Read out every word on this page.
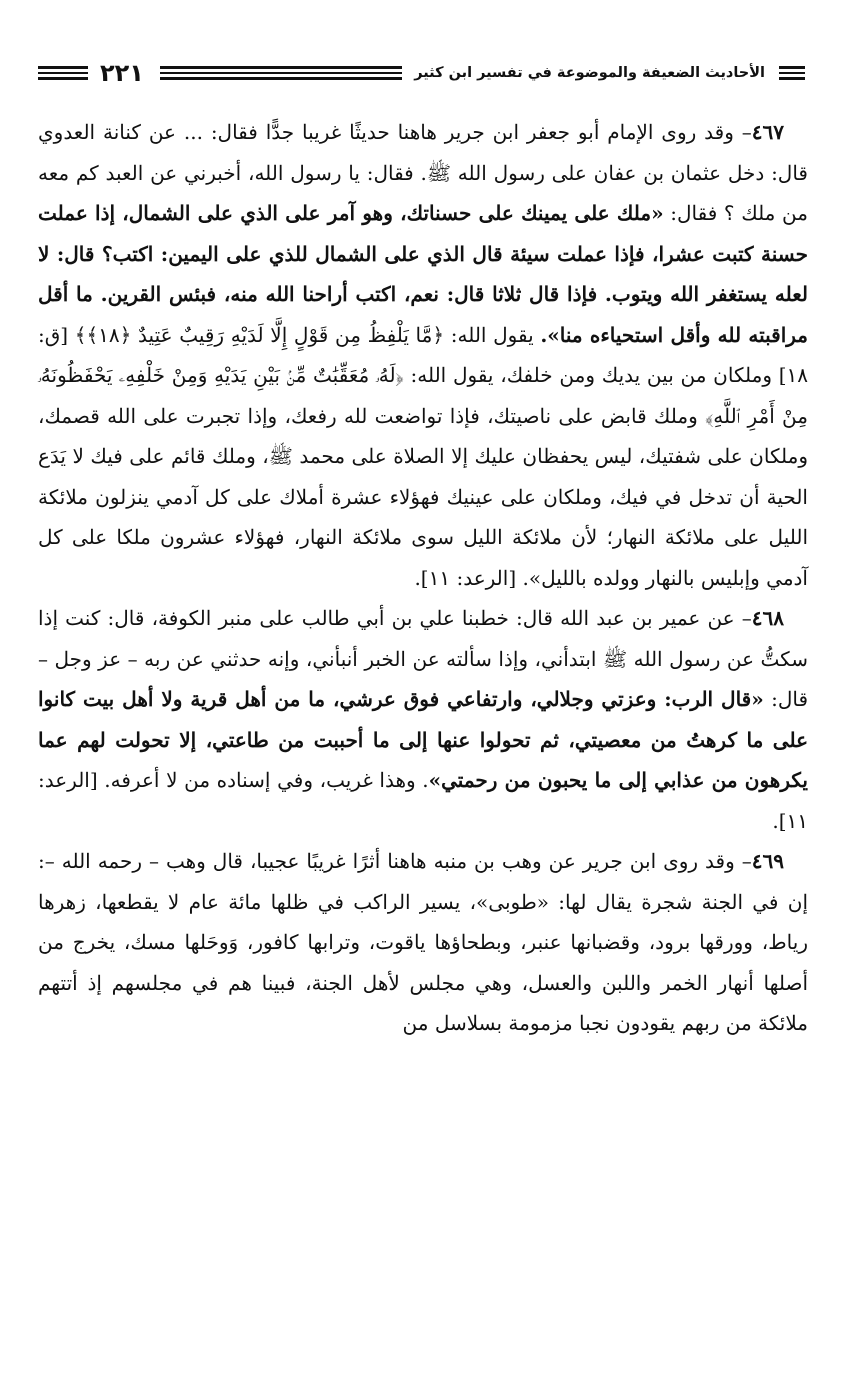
الأحاديث الضعيفة والموضوعة في تفسير ابن كثير
٢٢١

٤٦٧– وقد روى الإمام أبو جعفر ابن جرير هاهنا حديثًا غريبا جدًّا فقال: ... عن كنانة العدوي قال: دخل عثمان بن عفان على رسول الله ﷺ. فقال: يا رسول الله، أخبرني عن العبد كم معه من ملك ؟ فقال: «ملك على يمينك على حسناتك، وهو آمر على الذي على الشمال، إذا عملت حسنة كتبت عشرا، فإذا عملت سيئة قال الذي على الشمال للذي على اليمين: اكتب؟ قال: لا لعله يستغفر الله ويتوب. فإذا قال ثلاثا قال: نعم، اكتب أراحنا الله منه، فبئس القرين. ما أقل مراقبته لله وأقل استحياءه منا». يقول الله: ﴿مَّا يَلْفِظُ مِن قَوْلٍ إِلَّا لَدَيْهِ رَقِيبٌ عَتِيدٌ ﴿١٨﴾﴾ [ق: ١٨] وملكان من بين يديك ومن خلفك، يقول الله: ﴿لَهُۥ مُعَقِّبَٰتٌ مِّنۢ بَيْنِ يَدَيْهِ وَمِنْ خَلْفِهِۦ يَحْفَظُونَهُۥ مِنْ أَمْرِ ٱللَّهِ﴾ وملك قابض على ناصيتك، فإذا تواضعت لله رفعك، وإذا تجبرت على الله قصمك، وملكان على شفتيك، ليس يحفظان عليك إلا الصلاة على محمد ﷺ، وملك قائم على فيك لا يَدَع الحية أن تدخل في فيك، وملكان على عينيك فهؤلاء عشرة أملاك على كل آدمي ينزلون ملائكة الليل على ملائكة النهار؛ لأن ملائكة الليل سوى ملائكة النهار، فهؤلاء عشرون ملكا على كل آدمي وإبليس بالنهار وولده بالليل». [الرعد: ١١].

٤٦٨– عن عمير بن عبد الله قال: خطبنا علي بن أبي طالب على منبر الكوفة، قال: كنت إذا سكتُّ عن رسول الله ﷺ ابتدأني، وإذا سألته عن الخبر أنبأني، وإنه حدثني عن ربه – عز وجل – قال: «قال الرب: وعزتي وجلالي، وارتفاعي فوق عرشي، ما من أهل قرية ولا أهل بيت كانوا على ما كرهتُ من معصيتي، ثم تحولوا عنها إلى ما أحببت من طاعتي، إلا تحولت لهم عما يكرهون من عذابي إلى ما يحبون من رحمتي». وهذا غريب، وفي إسناده من لا أعرفه. [الرعد: ١١].

٤٦٩– وقد روى ابن جرير عن وهب بن منبه هاهنا أثرًا غريبًا عجيبا، قال وهب – رحمه الله –: إن في الجنة شجرة يقال لها: «طوبى»، يسير الراكب في ظلها مائة عام لا يقطعها، زهرها رياط، وورقها برود، وقضبانها عنبر، وبطحاؤها ياقوت، وترابها كافور، وَوحَلها مسك، يخرج من أصلها أنهار الخمر واللبن والعسل، وهي مجلس لأهل الجنة، فبينا هم في مجلسهم إذ أتتهم ملائكة من ربهم يقودون نجبا مزمومة بسلاسل من
